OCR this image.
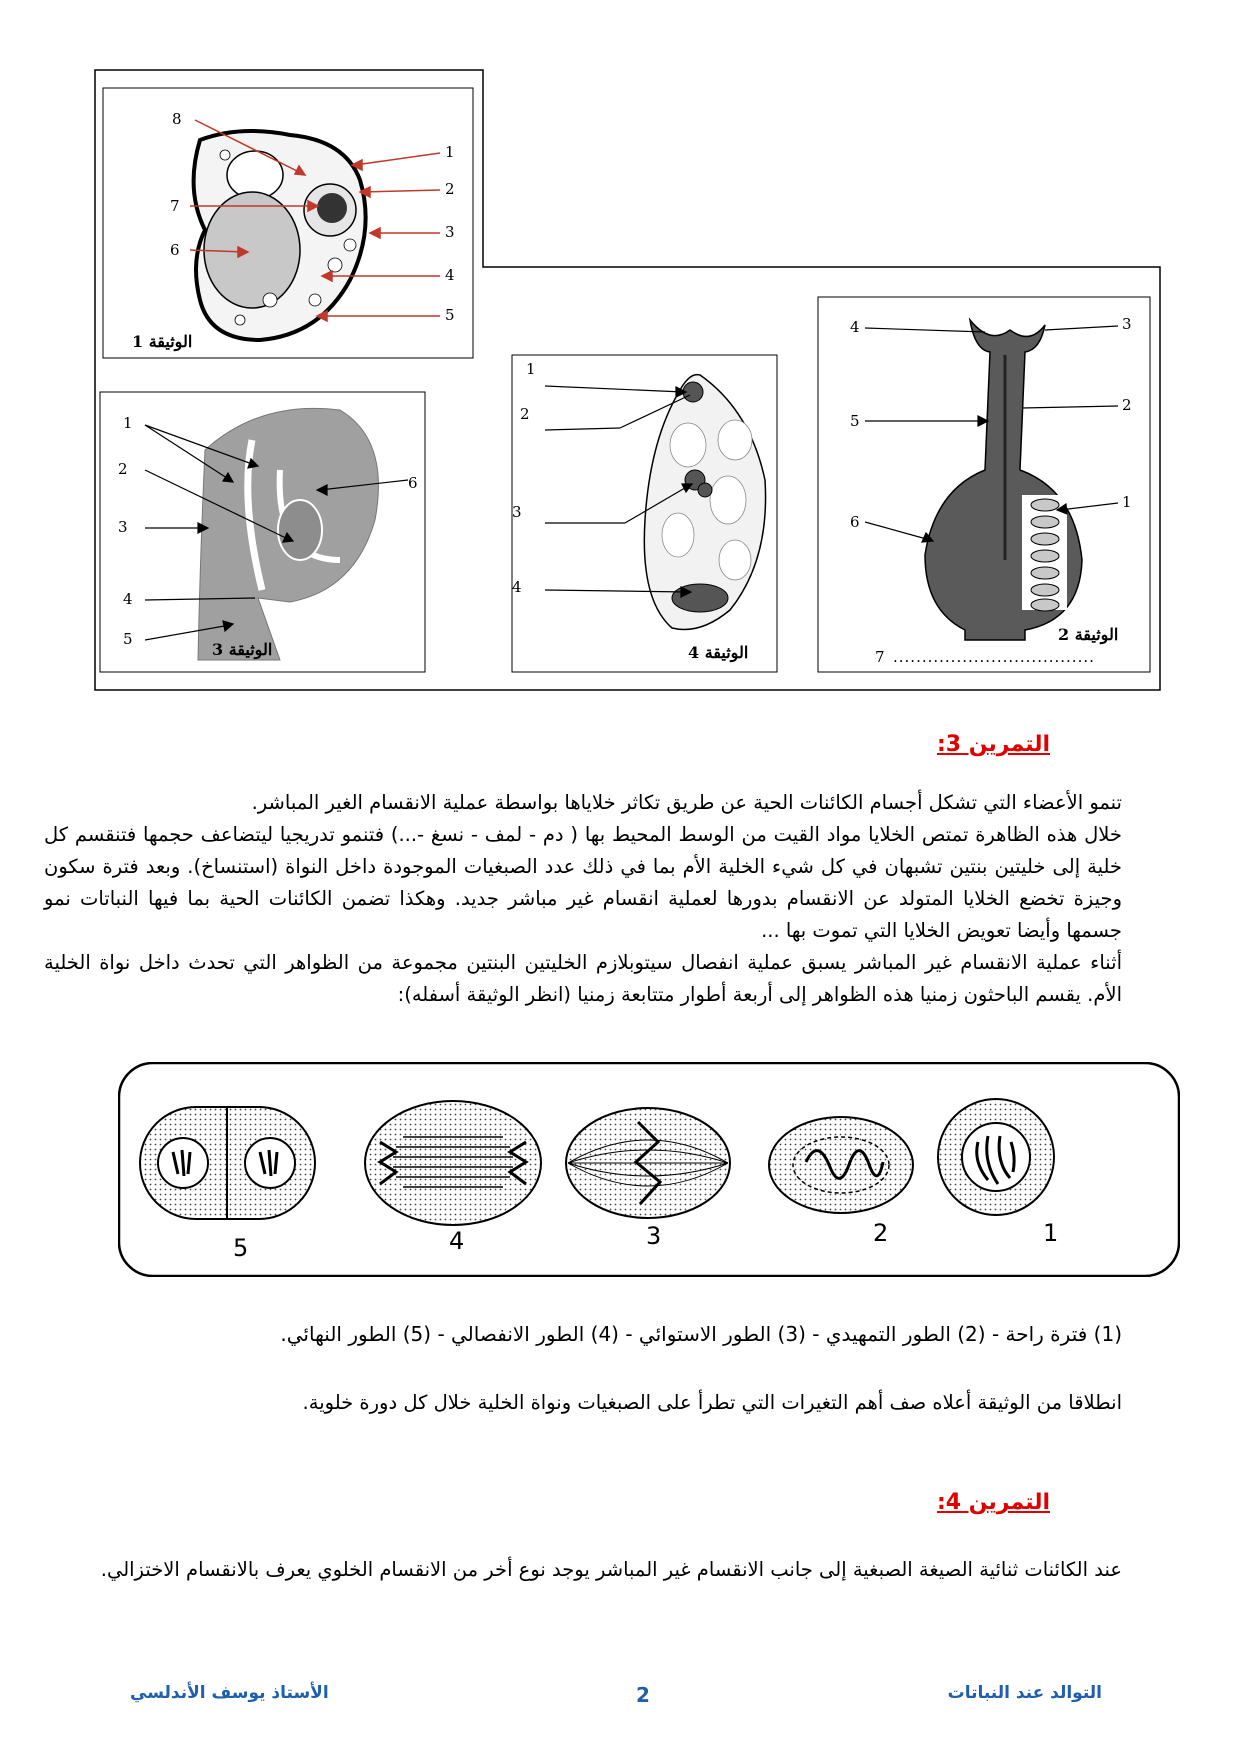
8
1
2
7
3
6
4
5
الوثيقة 1
4	3
2
5
1
6
الوثيقة 2
7 ...................................
1
2
6
3
4
5
الوثيقة 3
1
2
3
4
الوثيقة 4
التمرين 3:
تنمو الأعضاء التي تشكل أجسام الكائنات الحية عن طريق تكاثر خلاياها بواسطة عملية الانقسام الغير المباشر.
خلال هذه الظاهرة تمتص الخلايا مواد القيت من الوسط المحيط بها ( دم - لمف - نسغ -...) فتنمو تدريجيا ليتضاعف حجمها فتنقسم كل خلية إلى خليتين بنتين تشبهان في كل شيء الخلية الأم بما في ذلك عدد الصبغيات الموجودة داخل النواة (استنساخ). وبعد فترة سكون وجيزة تخضع الخلايا المتولد عن الانقسام بدورها لعملية انقسام غير مباشر جديد. وهكذا تضمن الكائنات الحية بما فيها النباتات نمو جسمها وأيضا تعويض الخلايا التي تموت بها ...
أثناء عملية الانقسام غير المباشر يسبق عملية انفصال سيتوبلازم الخليتين البنتين مجموعة من الظواهر التي تحدث داخل نواة الخلية الأم. يقسم الباحثون زمنيا هذه الظواهر إلى أربعة أطوار متتابعة زمنيا (انظر الوثيقة أسفله):
5	4	3	2	1
(1) فترة راحة - (2) الطور التمهيدي - (3) الطور الاستوائي - (4) الطور الانفصالي - (5) الطور النهائي.
انطلاقا من الوثيقة أعلاه صف أهم التغيرات التي تطرأ على الصبغيات ونواة الخلية خلال كل دورة خلوية.
التمرين 4:
عند الكائنات ثنائية الصيغة الصبغية إلى جانب الانقسام غير المباشر يوجد نوع أخر من الانقسام الخلوي يعرف بالانقسام الاختزالي.
التوالد عند النباتات
2
الأستاذ يوسف الأندلسي
